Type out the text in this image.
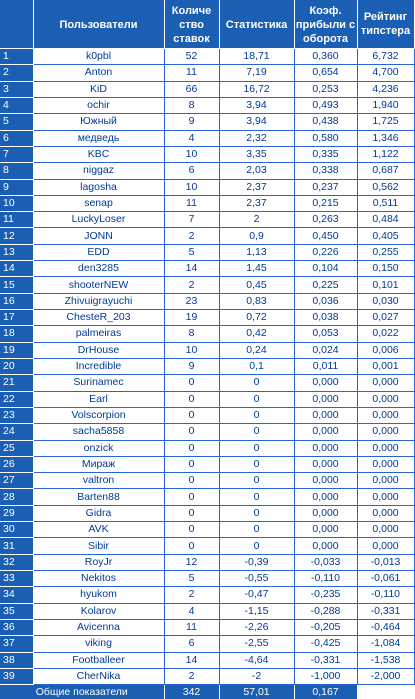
	Пользователи	Количе ство ставок	Статистика	Коэф. прибыли с оборота	Рейтинг типстера

1	k0pbl	52	18,71	0,360	6,732
2	Anton	11	7,19	0,654	4,700
3	KiD	66	16,72	0,253	4,236
4	ochir	8	3,94	0,493	1,940
5	Южный	9	3,94	0,438	1,725
6	медведь	4	2,32	0,580	1,346
7	KBC	10	3,35	0,335	1,122
8	niggaz	6	2,03	0,338	0,687
9	lagosha	10	2,37	0,237	0,562
10	senap	11	2,37	0,215	0,511
11	LuckyLoser	7	2	0,263	0,484
12	JONN	2	0,9	0,450	0,405
13	EDD	5	1,13	0,226	0,255
14	den3285	14	1,45	0,104	0,150
15	shooterNEW	2	0,45	0,225	0,101
16	Zhivuigrayuchi	23	0,83	0,036	0,030
17	ChesteR_203	19	0,72	0,038	0,027
18	palmeiras	8	0,42	0,053	0,022
19	DrHouse	10	0,24	0,024	0,006
20	Incredible	9	0,1	0,011	0,001
21	Surinamec	0	0	0,000	0,000
22	Earl	0	0	0,000	0,000
23	Volscorpion	0	0	0,000	0,000
24	sacha5858	0	0	0,000	0,000
25	onzick	0	0	0,000	0,000
26	Мираж	0	0	0,000	0,000
27	valtron	0	0	0,000	0,000
28	Barten88	0	0	0,000	0,000
29	Gidra	0	0	0,000	0,000
30	AVK	0	0	0,000	0,000
31	Sibir	0	0	0,000	0,000
32	RoyJr	12	-0,39	-0,033	-0,013
33	Nekitos	5	-0,55	-0,110	-0,061
34	hyukom	2	-0,47	-0,235	-0,110
35	Kolarov	4	-1,15	-0,288	-0,331
36	Avicenna	11	-2,26	-0,205	-0,464
37	viking	6	-2,55	-0,425	-1,084
38	Footballeer	14	-4,64	-0,331	-1,538
39	CherNika	2	-2	-1,000	-2,000
Общие показатели		342	57,01	0,167	
